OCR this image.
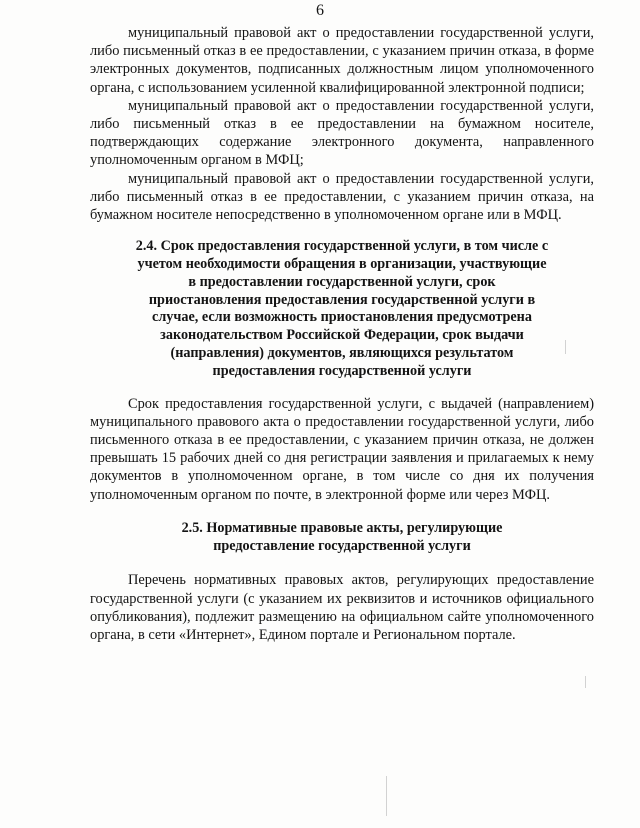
6

муниципальный правовой акт о предоставлении государственной услуги, либо письменный отказ в ее предоставлении, с указанием причин отказа, в форме электронных документов, подписанных должностным лицом уполномоченного органа, с использованием усиленной квалифицированной электронной подписи;

муниципальный правовой акт о предоставлении государственной услуги, либо письменный отказ в ее предоставлении на бумажном носителе, подтверждающих содержание электронного документа, направленного уполномоченным органом в МФЦ;

муниципальный правовой акт о предоставлении государственной услуги, либо письменный отказ в ее предоставлении, с указанием причин отказа, на бумажном носителе непосредственно в уполномоченном органе или в МФЦ.

2.4. Срок предоставления государственной услуги, в том числе с учетом необходимости обращения в организации, участвующие в предоставлении государственной услуги, срок приостановления предоставления государственной услуги в случае, если возможность приостановления предусмотрена законодательством Российской Федерации, срок выдачи (направления) документов, являющихся результатом предоставления государственной услуги

Срок предоставления государственной услуги, с выдачей (направлением) муниципального правового акта о предоставлении государственной услуги, либо письменного отказа в ее предоставлении, с указанием причин отказа, не должен превышать 15 рабочих дней со дня регистрации заявления и прилагаемых к нему документов в уполномоченном органе, в том числе со дня их получения уполномоченным органом по почте, в электронной форме или через МФЦ.

2.5. Нормативные правовые акты, регулирующие предоставление государственной услуги

Перечень нормативных правовых актов, регулирующих предоставление государственной услуги (с указанием их реквизитов и источников официального опубликования), подлежит размещению на официальном сайте уполномоченного органа, в сети «Интернет», Едином портале и Региональном портале.
